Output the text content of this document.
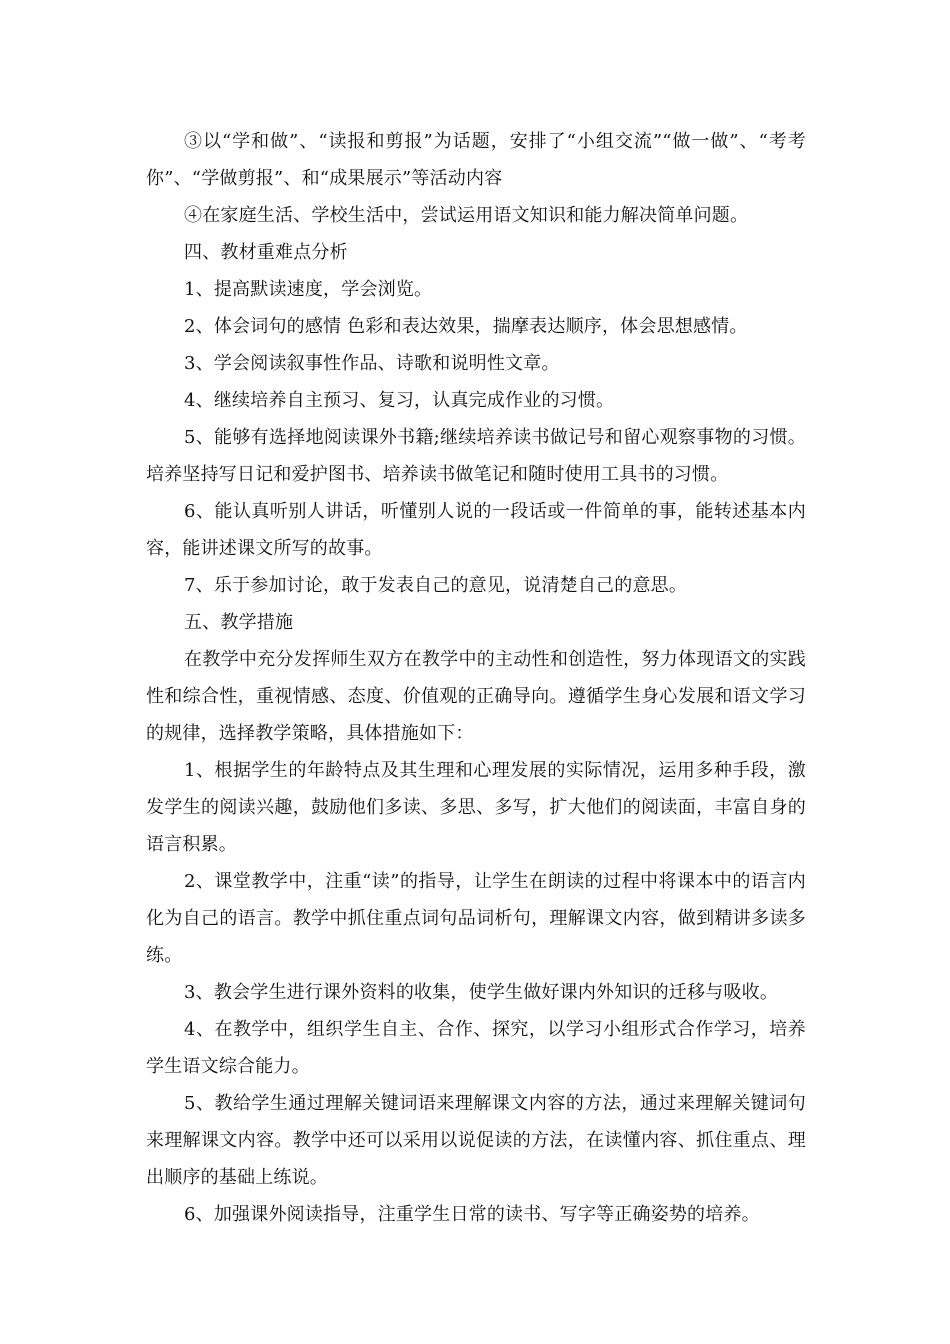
③以“学和做”、“读报和剪报”为话题，安排了“小组交流”“做一做”、“考考你”、“学做剪报”、和“成果展示”等活动内容

④在家庭生活、学校生活中，尝试运用语文知识和能力解决简单问题。

四、教材重难点分析

1、提高默读速度，学会浏览。

2、体会词句的感情 色彩和表达效果，揣摩表达顺序，体会思想感情。

3、学会阅读叙事性作品、诗歌和说明性文章。

4、继续培养自主预习、复习，认真完成作业的习惯。

5、能够有选择地阅读课外书籍;继续培养读书做记号和留心观察事物的习惯。培养坚持写日记和爱护图书、培养读书做笔记和随时使用工具书的习惯。

6、能认真听别人讲话，听懂别人说的一段话或一件简单的事，能转述基本内容，能讲述课文所写的故事。

7、乐于参加讨论，敢于发表自己的意见，说清楚自己的意思。

五、教学措施

在教学中充分发挥师生双方在教学中的主动性和创造性，努力体现语文的实践性和综合性，重视情感、态度、价值观的正确导向。遵循学生身心发展和语文学习的规律，选择教学策略，具体措施如下：

1、根据学生的年龄特点及其生理和心理发展的实际情况，运用多种手段，激发学生的阅读兴趣，鼓励他们多读、多思、多写，扩大他们的阅读面，丰富自身的语言积累。

2、课堂教学中，注重“读”的指导，让学生在朗读的过程中将课本中的语言内化为自己的语言。教学中抓住重点词句品词析句，理解课文内容，做到精讲多读多练。

3、教会学生进行课外资料的收集，使学生做好课内外知识的迁移与吸收。

4、在教学中，组织学生自主、合作、探究，以学习小组形式合作学习，培养学生语文综合能力。

5、教给学生通过理解关键词语来理解课文内容的方法，通过来理解关键词句来理解课文内容。教学中还可以采用以说促读的方法，在读懂内容、抓住重点、理出顺序的基础上练说。

6、加强课外阅读指导，注重学生日常的读书、写字等正确姿势的培养。
